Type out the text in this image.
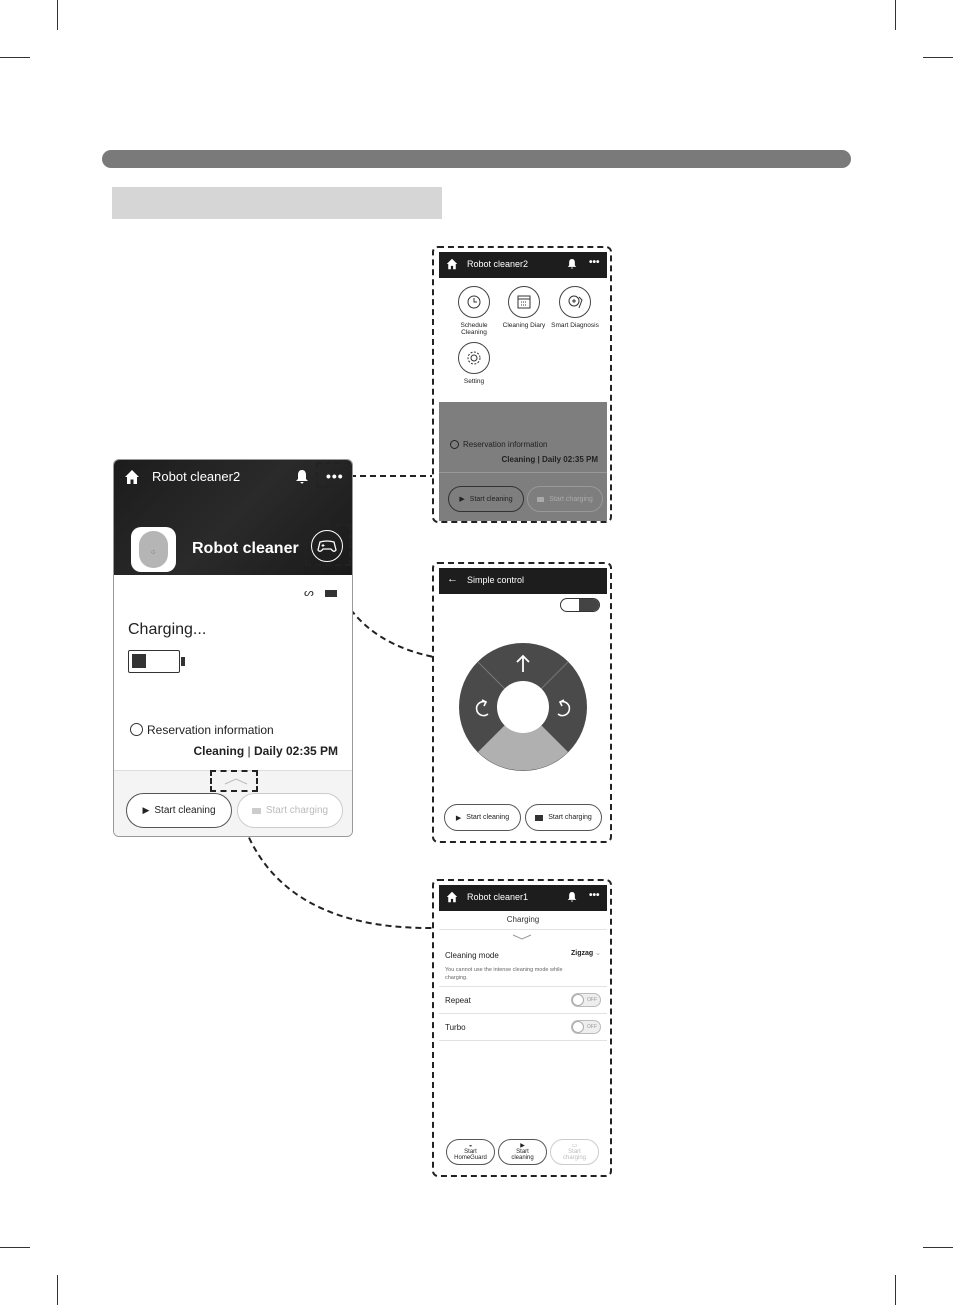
Robot cleaner2	•••
⁘ Robot cleaner
ᔕ
Charging...
Reservation information
Cleaning | Daily 02:35 PM
▶ Start cleaning	Start charging
Robot cleaner2	•••
Schedule Cleaning
Cleaning Diary Smart Diagnosis
Setting
Reservation information
Cleaning | Daily 02:35 PM
▶ Start cleaning	Start charging
← Simple control
▶ Start cleaning	Start charging
Robot cleaner1	•••
Charging
Cleaning mode	Zigzag ⌄
You cannot use the intense cleaning mode while charging.
Repeat	OFF
Turbo	OFF
◒
Start
HomeGuard
▶
Start
cleaning
▭
Start
charging
